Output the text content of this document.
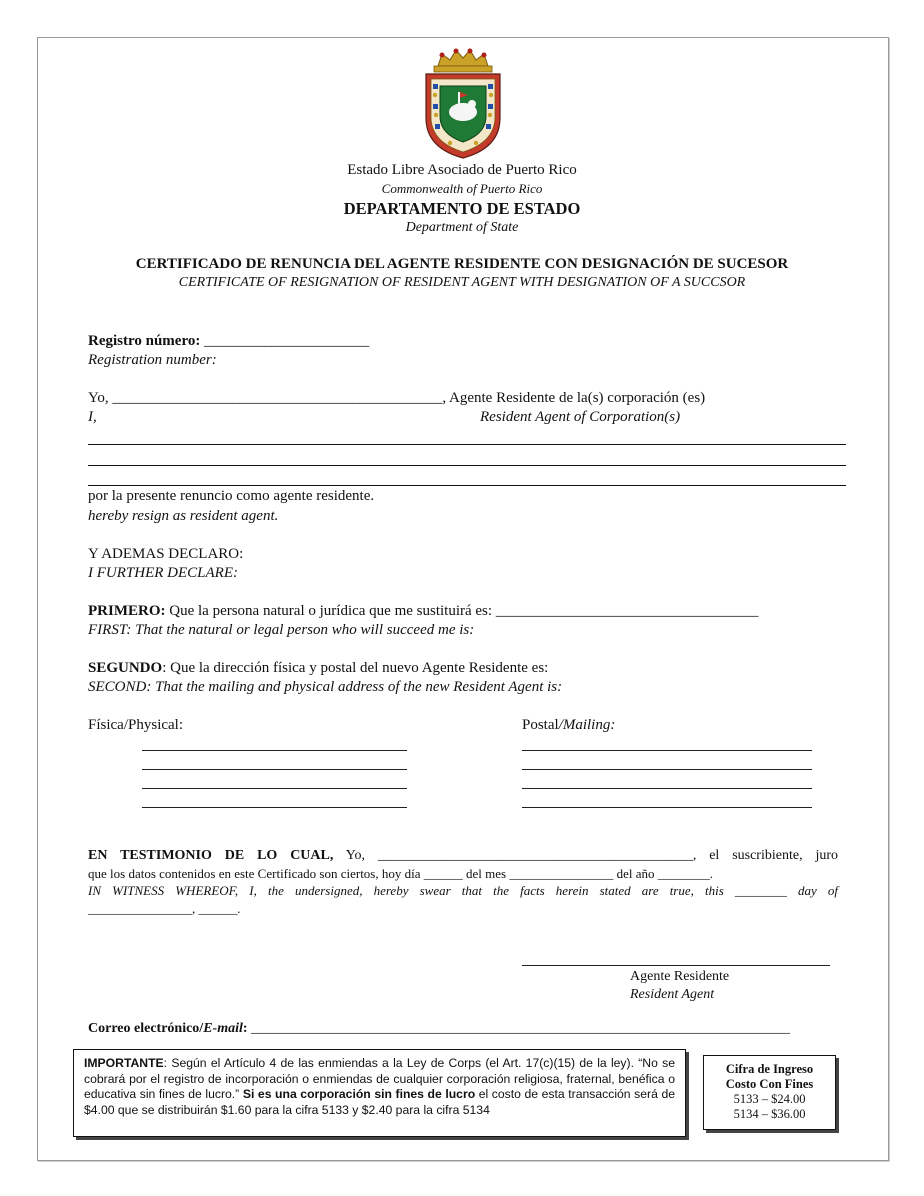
Estado Libre Asociado de Puerto Rico
Commonwealth of Puerto Rico
DEPARTAMENTO DE ESTADO
Department of State
CERTIFICADO DE RENUNCIA DEL AGENTE RESIDENTE CON DESIGNACIÓN DE SUCESOR
CERTIFICATE OF RESIGNATION OF RESIDENT AGENT WITH DESIGNATION OF A SUCCSOR
Registro número: ______________________
Registration number:
Yo, ____________________________________________, Agente Residente de la(s) corporación (es)
I,	Resident Agent of Corporation(s)
por la presente renuncio como agente residente.
hereby resign as resident agent.
Y ADEMAS DECLARO:
I FURTHER DECLARE:
PRIMERO: Que la persona natural o jurídica que me sustituirá es: ___________________________________
FIRST: That the natural or legal person who will succeed me is:
SEGUNDO: Que la dirección física y postal del nuevo Agente Residente es:
SECOND: That the mailing and physical address of the new Resident Agent is:
Física/Physical:	Postal/Mailing:
EN TESTIMONIO DE LO CUAL, Yo, _____________________________________________, el suscribiente, juro
que los datos contenidos en este Certificado son ciertos, hoy día ______ del mes ________________ del año ________.
IN WITNESS WHEREOF, I, the undersigned, hereby swear that the facts herein stated are true, this ________ day of
________________, ______.
Agente Residente
Resident Agent
Correo electrónico/E-mail: _____________________________________________________________________________
IMPORTANTE: Según el Artículo 4 de las enmiendas a la Ley de Corps (el Art. 17(c)(15) de la ley). “No se cobrará por el registro de incorporación o enmiendas de cualquier corporación religiosa, fraternal, benéfica o educativa sin fines de lucro.” Si es una corporación sin fines de lucro el costo de esta transacción será de $4.00 que se distribuirán $1.60 para la cifra 5133 y $2.40 para la cifra 5134
Cifra de Ingreso
Costo Con Fines
5133 – $24.00
5134 – $36.00
